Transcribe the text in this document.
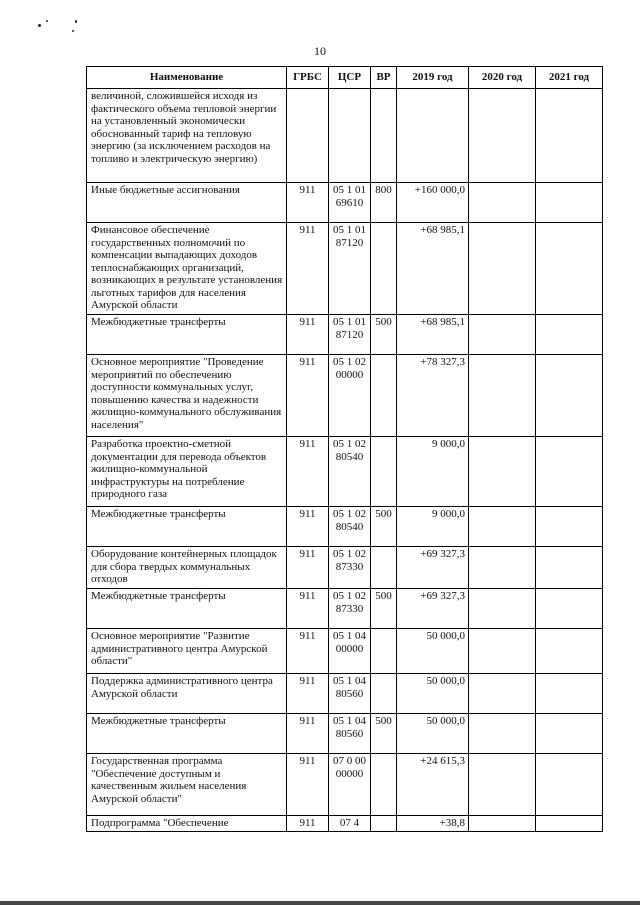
10
Наименование	ГРБС	ЦСР	ВР	2019 год	2020 год	2021 год
величиной, сложившейся исходя из фактического объема тепловой энергии на установленный экономически обоснованный тариф на тепловую энергию (за исключением расходов на топливо и электрическую энергию)						
Иные бюджетные ассигнования	911	05 1 01 69610	800	+160 000,0		
Финансовое обеспечение государственных полномочий по компенсации выпадающих доходов теплоснабжающих организаций, возникающих в результате установления льготных тарифов для населения Амурской области	911	05 1 01 87120		+68 985,1		
Межбюджетные трансферты	911	05 1 01 87120	500	+68 985,1		
Основное мероприятие "Проведение мероприятий по обеспечению доступности коммунальных услуг, повышению качества и надежности жилищно-коммунального обслуживания населения"	911	05 1 02 00000		+78 327,3		
Разработка проектно-сметной документации для перевода объектов жилищно-коммунальной инфраструктуры на потребление природного газа	911	05 1 02 80540		9 000,0		
Межбюджетные трансферты	911	05 1 02 80540	500	9 000,0		
Оборудование контейнерных площадок для сбора твердых коммунальных отходов	911	05 1 02 87330		+69 327,3		
Межбюджетные трансферты	911	05 1 02 87330	500	+69 327,3		
Основное мероприятие "Развитие административного центра Амурской области"	911	05 1 04 00000		50 000,0		
Поддержка административного центра Амурской области	911	05 1 04 80560		50 000,0		
Межбюджетные трансферты	911	05 1 04 80560	500	50 000,0		
Государственная программа "Обеспечение доступным и качественным жильем населения Амурской области"	911	07 0 00 00000		+24 615,3		
Подпрограмма "Обеспечение	911	07 4		+38,8		
